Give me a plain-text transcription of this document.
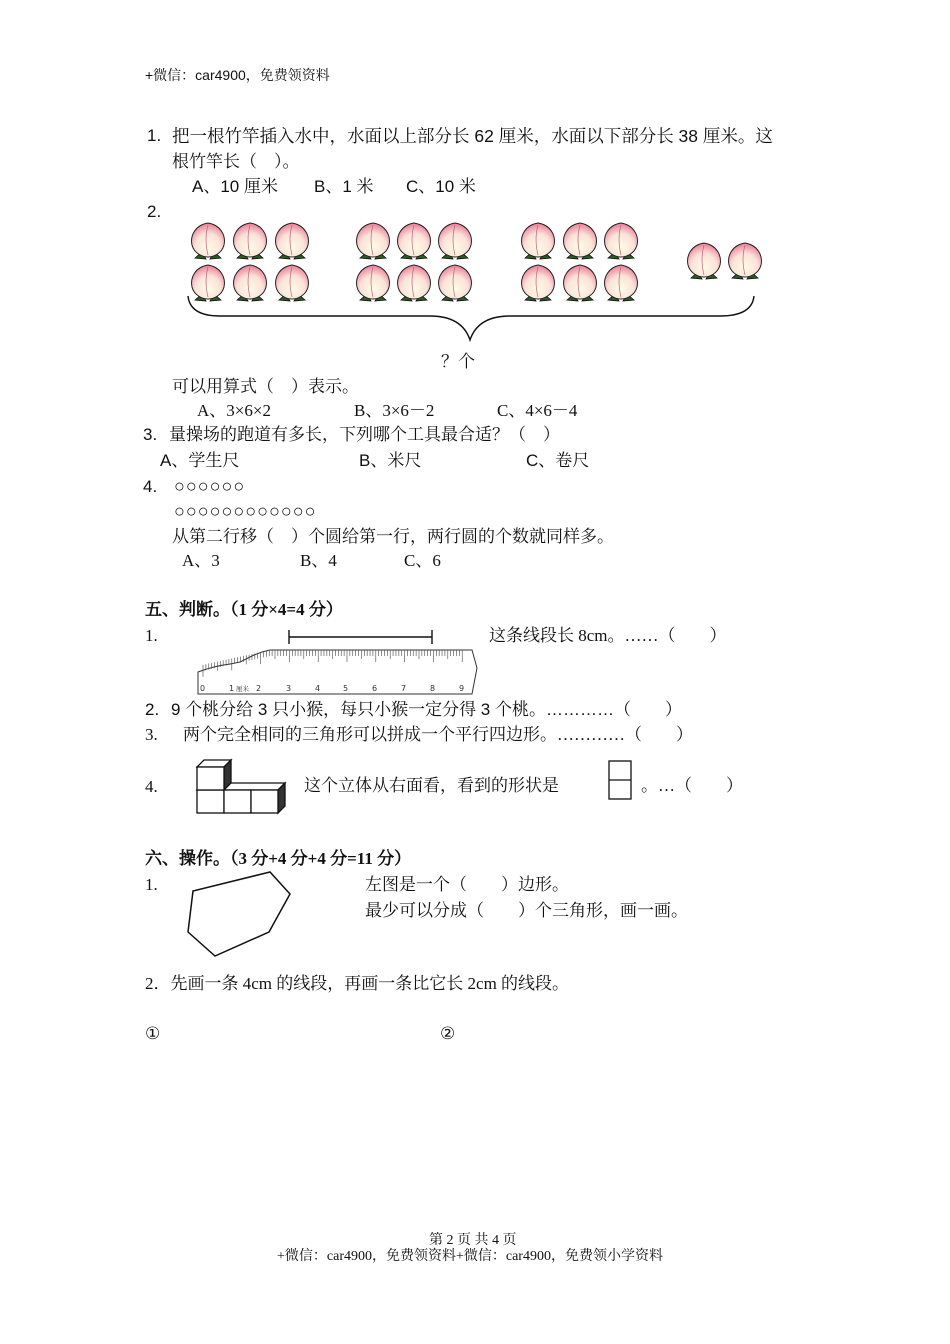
+微信：car4900，免费领资料
1. 把一根竹竿插入水中，水面以上部分长 62 厘米，水面以下部分长 38 厘米。这
根竹竿长（　）。
A、10 厘米 B、1 米 C、10 米
2.
？个
可以用算式（　）表示。
A、3×6×2	B、3×6－2	C、4×6－4
3. 量操场的跑道有多长，下列哪个工具最合适？（　）
A、学生尺	B、米尺	C、卷尺
4. ○○○○○○
○○○○○○○○○○○○
从第二行移（　）个圆给第一行，两行圆的个数就同样多。
A、3	B、4	C、6
五、判断。（1 分×4=4 分）
1.
0	1 厘米 2	3	4	5	6	7	8	9
这条线段长 8cm。……（　　）
2. 9 个桃分给 3 只小猴，每只小猴一定分得 3 个桃。…………（　　）
3. 两个完全相同的三角形可以拼成一个平行四边形。…………（　　）
4.	这个立体从右面看，看到的形状是	。…（　　）
六、操作。（3 分+4 分+4 分=11 分）
1.	左图是一个（　　）边形。
最少可以分成（　　）个三角形，画一画。
2．先画一条 4cm 的线段，再画一条比它长 2cm 的线段。
①	②
第 2 页 共 4 页
+微信：car4900，免费领资料+微信：car4900，免费领小学资料
